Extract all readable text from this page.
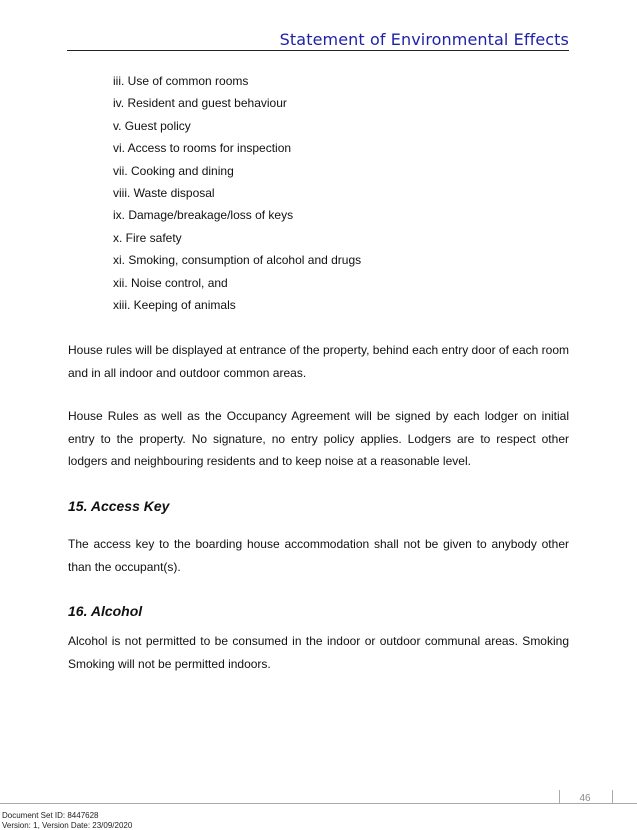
Statement of Environmental Effects
iii. Use of common rooms
iv. Resident and guest behaviour
v. Guest policy
vi. Access to rooms for inspection
vii. Cooking and dining
viii. Waste disposal
ix. Damage/breakage/loss of keys
x. Fire safety
xi. Smoking, consumption of alcohol and drugs
xii. Noise control, and
xiii. Keeping of animals

House rules will be displayed at entrance of the property, behind each entry door of each room and in all indoor and outdoor common areas.

House Rules as well as the Occupancy Agreement will be signed by each lodger on initial entry to the property. No signature, no entry policy applies. Lodgers are to respect other lodgers and neighbouring residents and to keep noise at a reasonable level.

15. Access Key

The access key to the boarding house accommodation shall not be given to anybody other than the occupant(s).

16. Alcohol

Alcohol is not permitted to be consumed in the indoor or outdoor communal areas. Smoking Smoking will not be permitted indoors.

46
Document Set ID: 8447628
Version: 1, Version Date: 23/09/2020
